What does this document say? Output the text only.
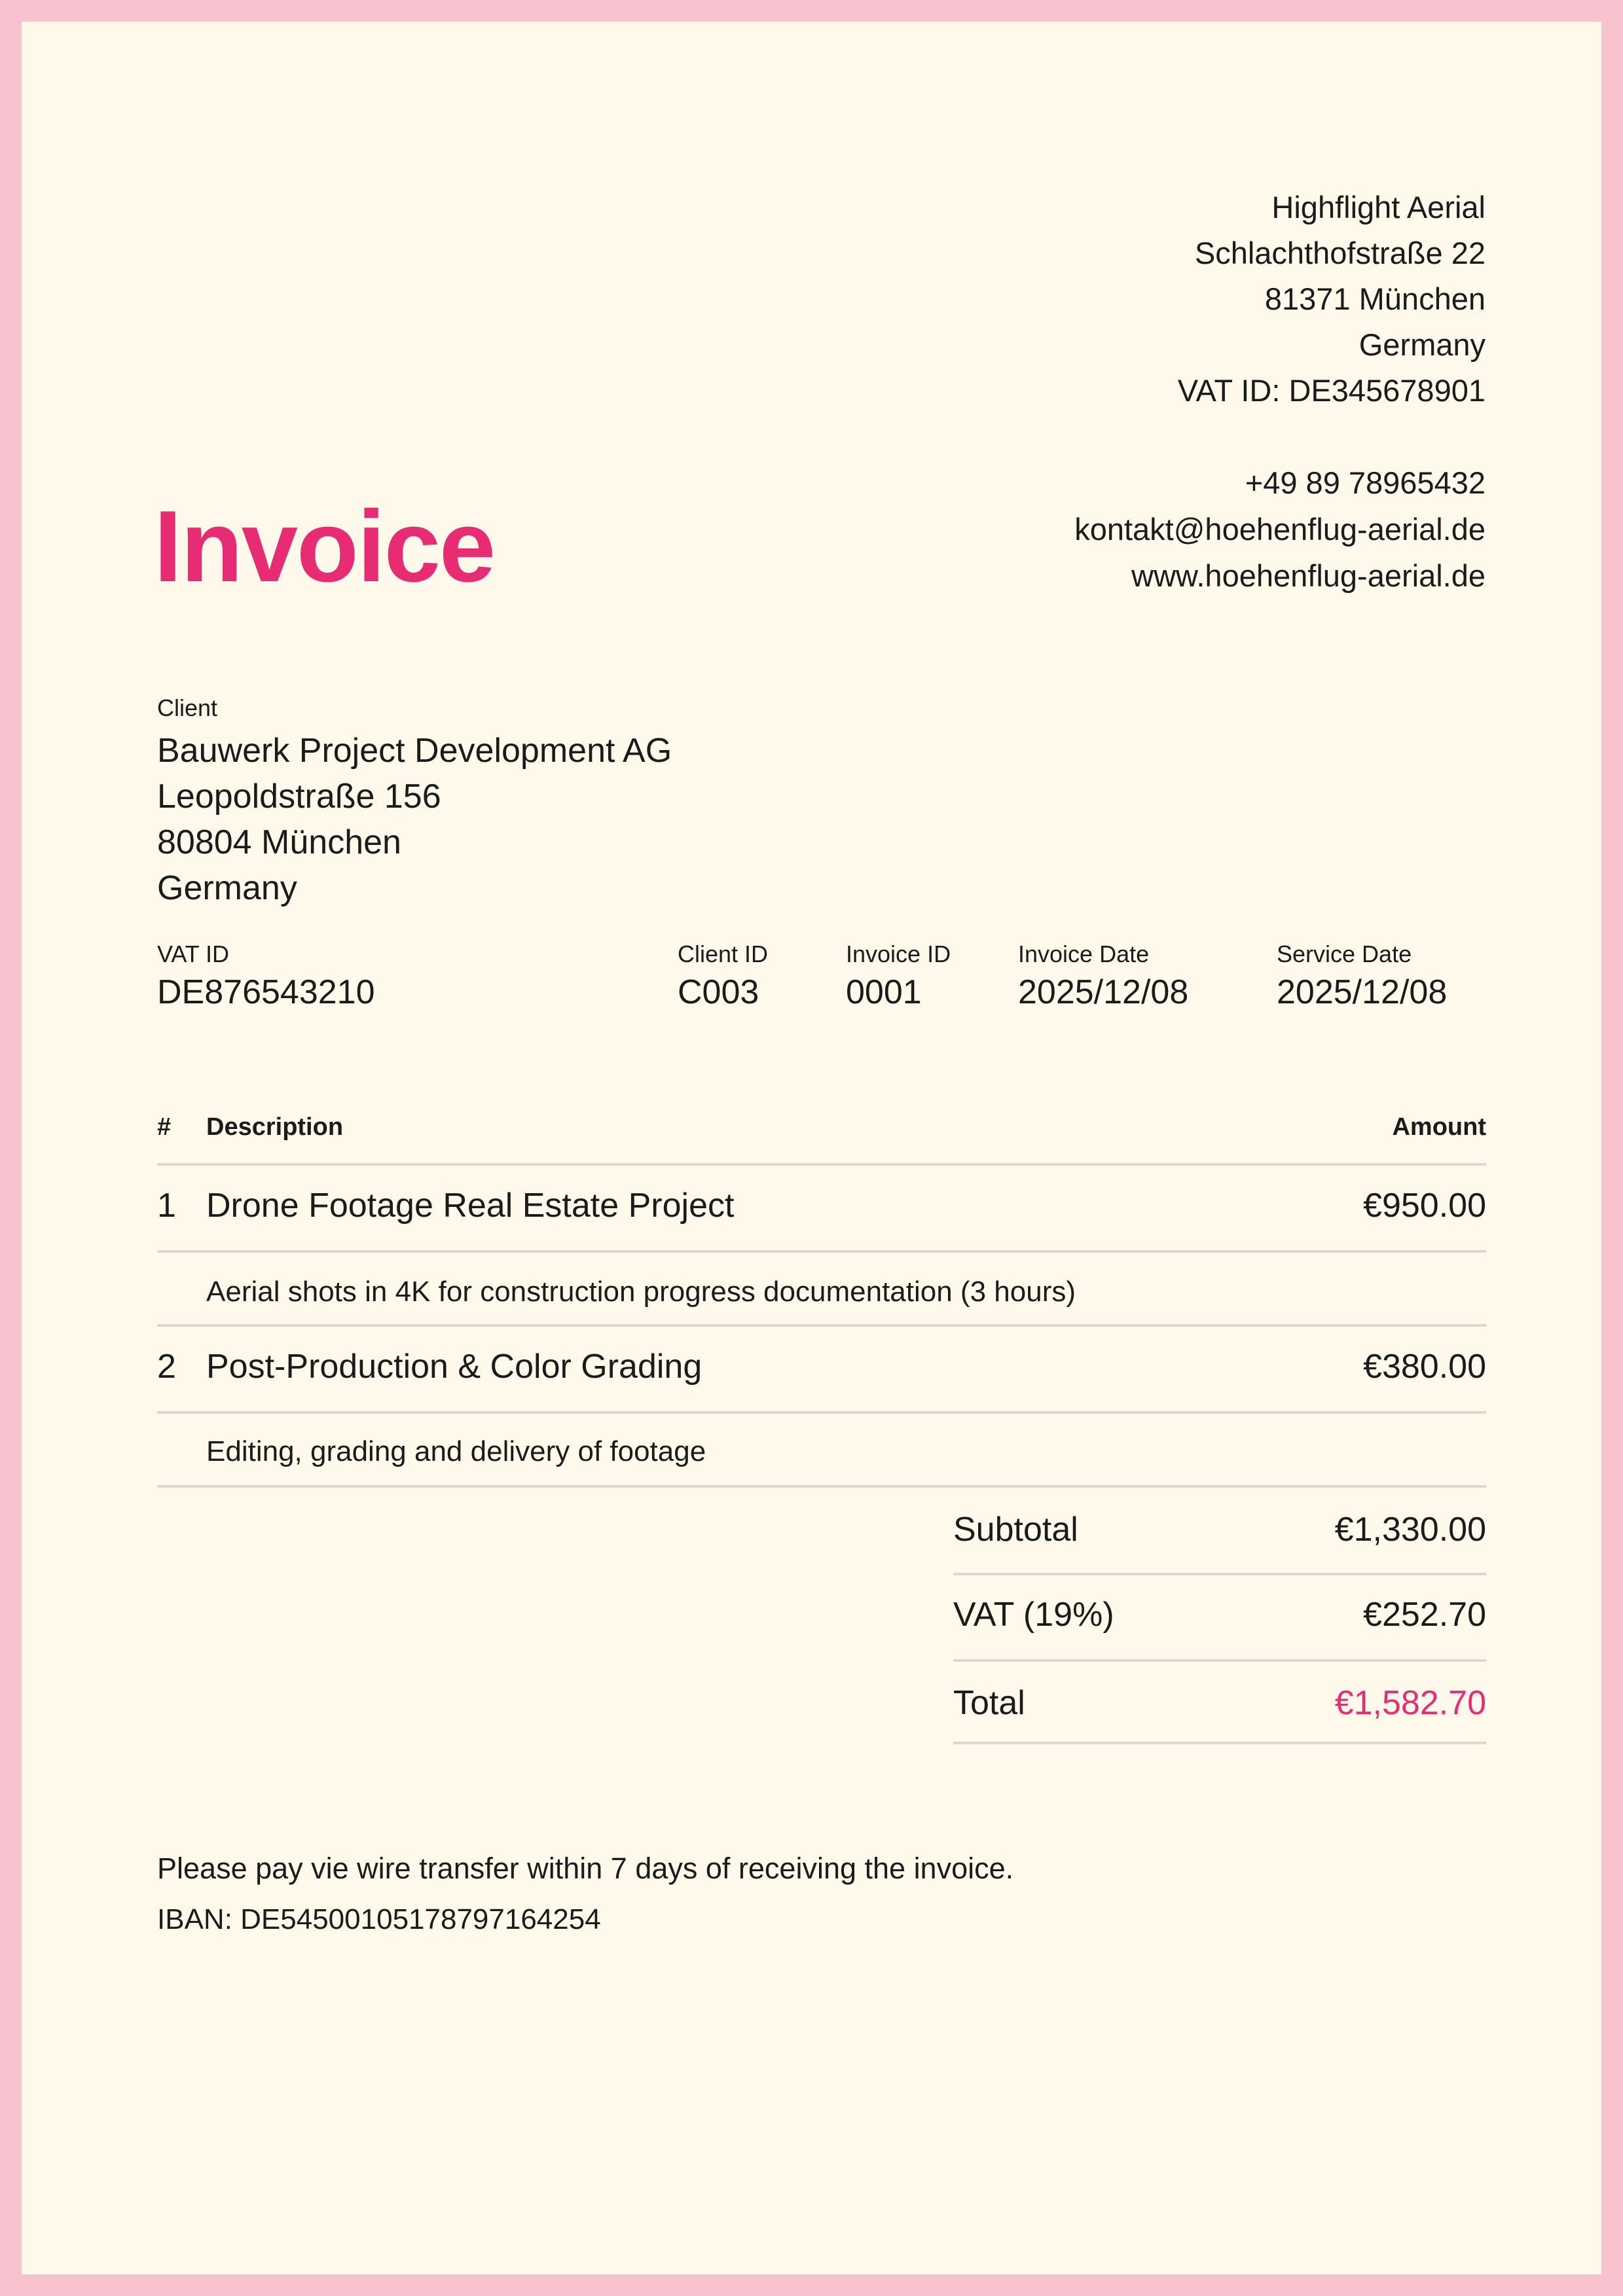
Highflight Aerial
Schlachthofstraße 22
81371 München
Germany
VAT ID: DE345678901
+49 89 78965432
kontakt@hoehenflug-aerial.de
www.hoehenflug-aerial.de
Invoice
Client
Bauwerk Project Development AG
Leopoldstraße 156
80804 München
Germany
VAT ID
DE876543210
Client ID
C003
Invoice ID
0001
Invoice Date
2025/12/08
Service Date
2025/12/08
# Description	Amount
1 Drone Footage Real Estate Project	€950.00
Aerial shots in 4K for construction progress documentation (3 hours)
2 Post-Production & Color Grading	€380.00
Editing, grading and delivery of footage
Subtotal	€1,330.00
VAT (19%)	€252.70
Total	€1,582.70
Please pay vie wire transfer within 7 days of receiving the invoice.
IBAN: DE54500105178797164254
